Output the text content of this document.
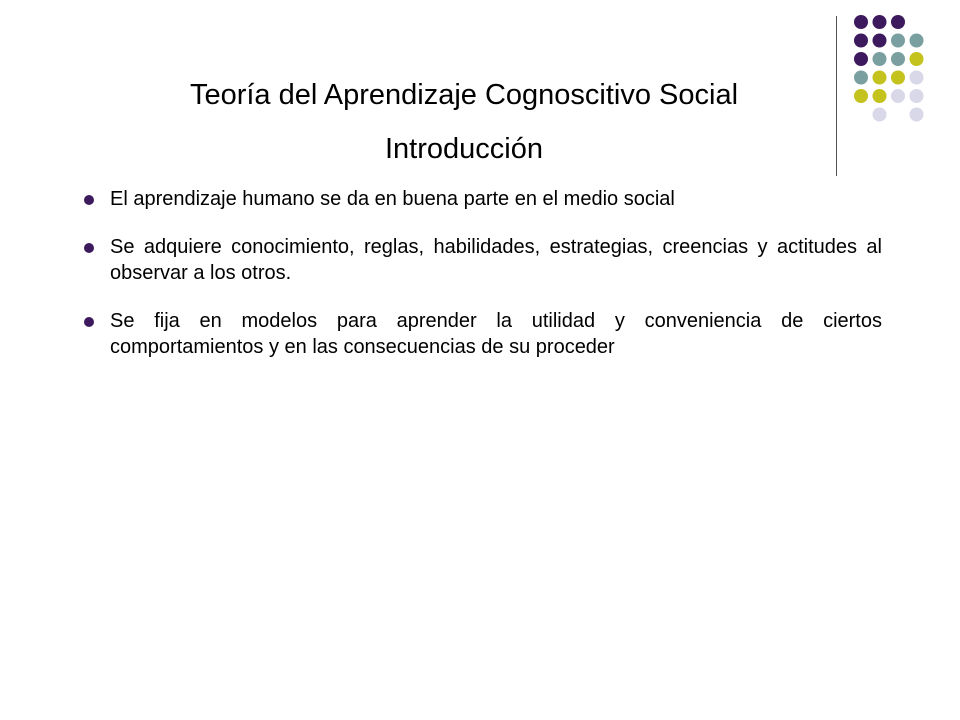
Teoría del Aprendizaje Cognoscitivo Social
Introducción
El aprendizaje humano se da en buena parte en el medio social
Se adquiere conocimiento, reglas, habilidades, estrategias, creencias y actitudes al observar a los otros.
Se fija en modelos para aprender la utilidad y conveniencia de ciertos comportamientos y en las consecuencias de su proceder
